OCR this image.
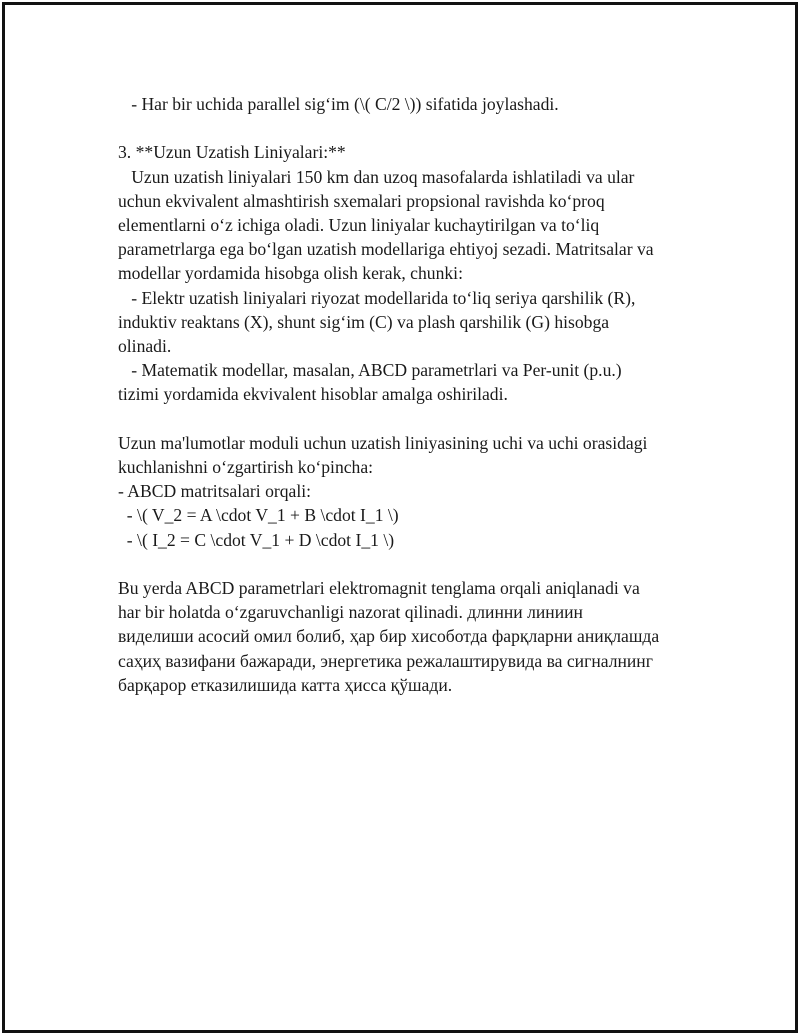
- Har bir uchida parallel sig‘im (\( C/2 \)) sifatida joylashadi.
3. **Uzun Uzatish Liniyalari:**
Uzun uzatish liniyalari 150 km dan uzoq masofalarda ishlatiladi va ular
uchun ekvivalent almashtirish sxemalari propsional ravishda ko‘proq
elementlarni o‘z ichiga oladi. Uzun liniyalar kuchaytirilgan va to‘liq
parametrlarga ega bo‘lgan uzatish modellariga ehtiyoj sezadi. Matritsalar va
modellar yordamida hisobga olish kerak, chunki:
- Elektr uzatish liniyalari riyozat modellarida to‘liq seriya qarshilik (R),
induktiv reaktans (X), shunt sig‘im (C) va plash qarshilik (G) hisobga
olinadi.
- Matematik modellar, masalan, ABCD parametrlari va Per-unit (p.u.)
tizimi yordamida ekvivalent hisoblar amalga oshiriladi.
Uzun ma'lumotlar moduli uchun uzatish liniyasining uchi va uchi orasidagi
kuchlanishni o‘zgartirish ko‘pincha:
- ABCD matritsalari orqali:
- \( V_2 = A \cdot V_1 + B \cdot I_1 \)
- \( I_2 = C \cdot V_1 + D \cdot I_1 \)
Bu yerda ABCD parametrlari elektromagnit tenglama orqali aniqlanadi va
har bir holatda o‘zgaruvchanligi nazorat qilinadi. длинни линиин
виделиши асосий омил болиб, ҳар бир хисоботда фарқларни аниқлашда
саҳиҳ вазифани бажаради, энергетика режалаштирувида ва сигналнинг
барқарор етказилишида катта ҳисса қўшади.
